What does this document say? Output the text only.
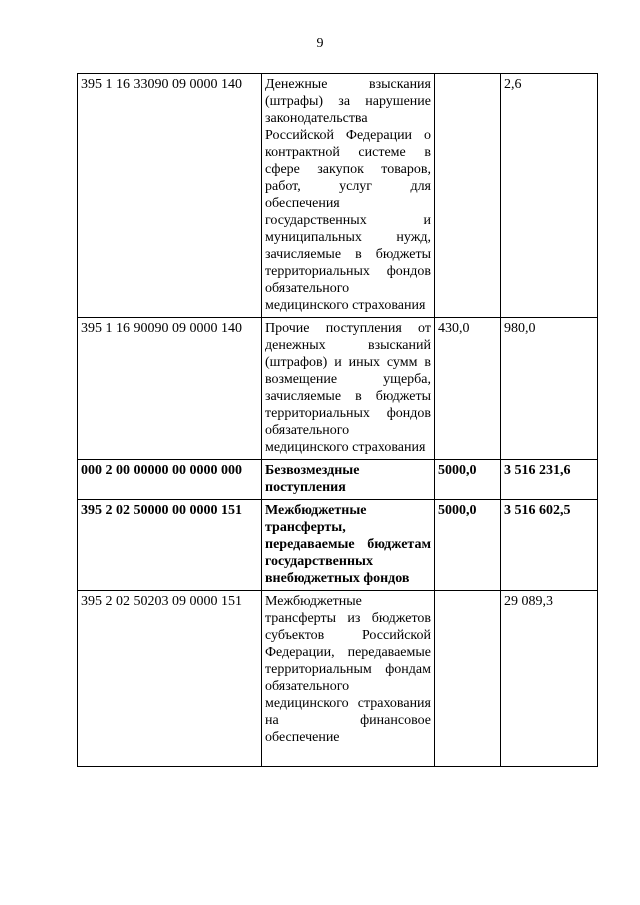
9
395 1 16 33090 09 0000 140	Денежные взыскания (штрафы) за нарушение законодательства Российской Федерации о контрактной системе в сфере закупок товаров, работ, услуг для обеспечения государственных и муниципальных нужд, зачисляемые в бюджеты территориальных фондов обязательного медицинского страхования		2,6
395 1 16 90090 09 0000 140	Прочие поступления от денежных взысканий (штрафов) и иных сумм в возмещение ущерба, зачисляемые в бюджеты территориальных фондов обязательного медицинского страхования	430,0	980,0
000 2 00 00000 00 0000 000	Безвозмездные поступления	5000,0	3 516 231,6
395 2 02 50000 00 0000 151	Межбюджетные трансферты, передаваемые бюджетам государственных внебюджетных фондов	5000,0	3 516 602,5
395 2 02 50203 09 0000 151	Межбюджетные трансферты из бюджетов субъектов Российской Федерации, передаваемые территориальным фондам обязательного медицинского страхования на финансовое обеспечение		29 089,3
